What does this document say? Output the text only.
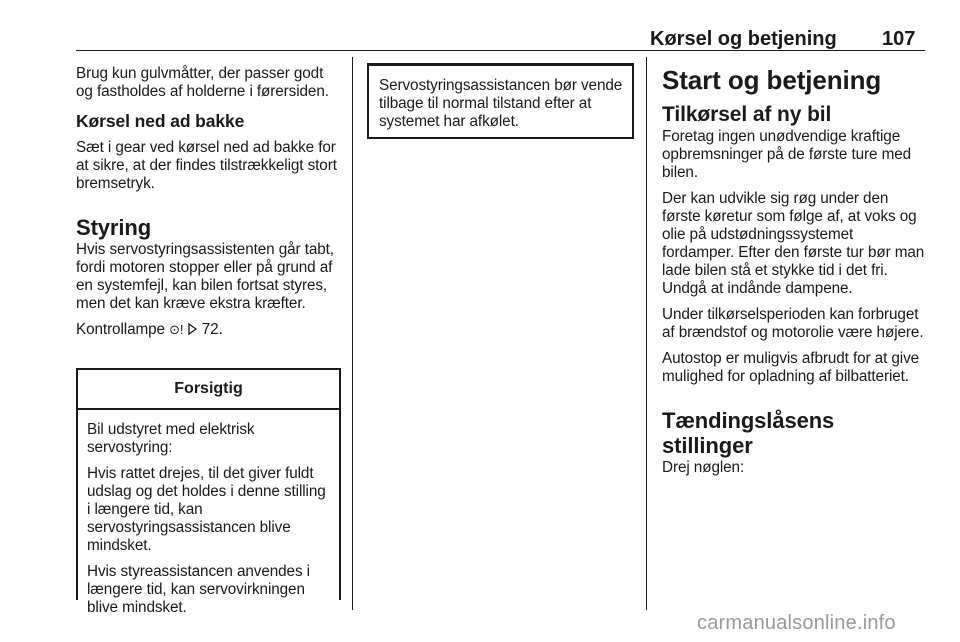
Kørsel og betjening 107

Brug kun gulvmåtter, der passer godt og fastholdes af holderne i førersiden.

Kørsel ned ad bakke

Sæt i gear ved kørsel ned ad bakke for at sikre, at der findes tilstrækkeligt stort bremsetryk.

Styring

Hvis servostyringsassistenten går tabt, fordi motoren stopper eller på grund af en systemfejl, kan bilen fortsat styres, men det kan kræve ekstra kræfter.

Kontrollampe ⊙! 72.

Forsigtig

Bil udstyret med elektrisk servostyring:

Hvis rattet drejes, til det giver fuldt udslag og det holdes i denne stilling i længere tid, kan servostyringsassistancen blive mindsket.

Hvis styreassistancen anvendes i længere tid, kan servovirkningen blive mindsket.

Servostyringsassistancen bør vende tilbage til normal tilstand efter at systemet har afkølet.

Start og betjening

Tilkørsel af ny bil

Foretag ingen unødvendige kraftige opbremsninger på de første ture med bilen.

Der kan udvikle sig røg under den første køretur som følge af, at voks og olie på udstødningssystemet fordamper. Efter den første tur bør man lade bilen stå et stykke tid i det fri. Undgå at indånde dampene.

Under tilkørselsperioden kan forbruget af brændstof og motorolie være højere.

Autostop er muligvis afbrudt for at give mulighed for opladning af bilbatteriet.

Tændingslåsens stillinger

Drej nøglen:

carmanualsonline.info
